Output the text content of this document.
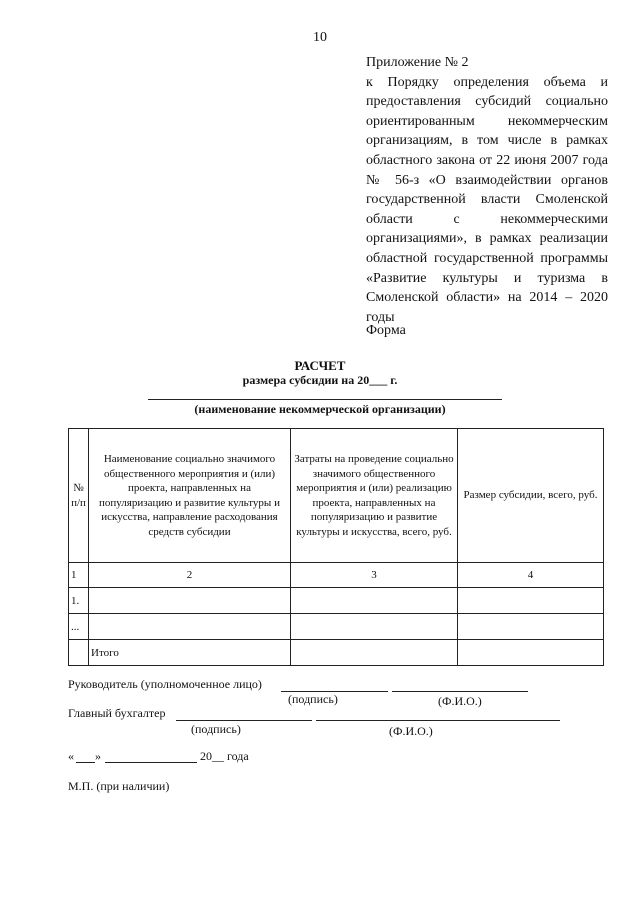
10
Приложение № 2
к Порядку определения объема и предоставления субсидий социально ориентированным некоммерческим организациям, в том числе в рамках областного закона от 22 июня 2007 года № 56-з «О взаимодействии органов государственной власти Смоленской области с некоммерческими организациями», в рамках реализации областной государственной программы «Развитие культуры и туризма в Смоленской области» на 2014 – 2020 годы
Форма
РАСЧЕТ
размера субсидии на 20___ г.
(наименование некоммерческой организации)
№ п/п	Наименование социально значимого общественного мероприятия и (или) проекта, направленных на популяризацию и развитие культуры и искусства, направление расходования средств субсидии	Затраты на проведение социально значимого общественного мероприятия и (или) реализацию проекта, направленных на популяризацию и развитие культуры и искусства, всего, руб.	Размер субсидии, всего, руб.
1	2	3	4
1.			
...			
	Итого		
Руководитель (уполномоченное лицо)
(подпись)	(Ф.И.О.)
Главный бухгалтер
(подпись)	(Ф.И.О.)
« »	20__ года
М.П. (при наличии)
